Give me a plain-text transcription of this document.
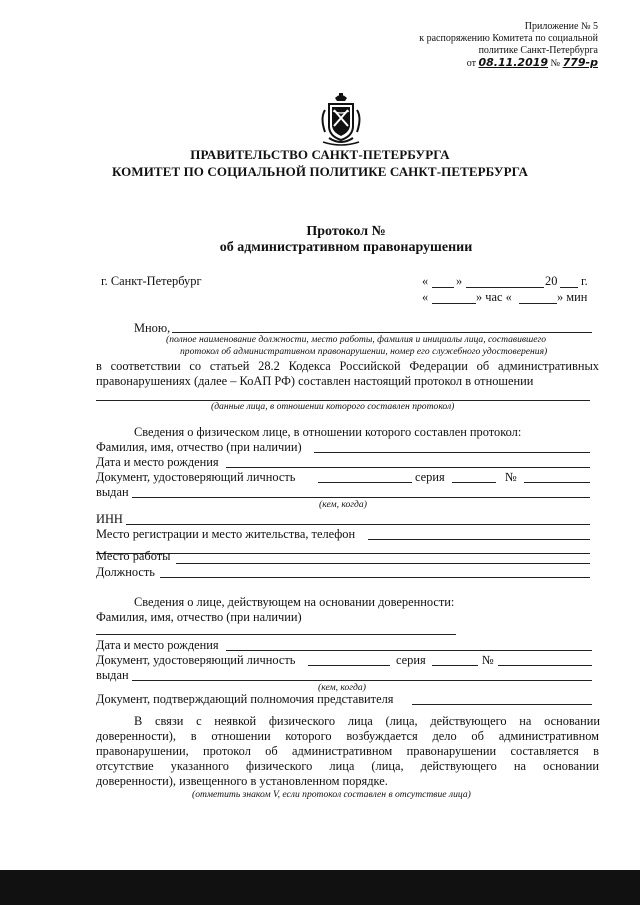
Приложение № 5
к распоряжению Комитета по социальной
политике Санкт-Петербурга
от 08.11.2019 № 779-р
ПРАВИТЕЛЬСТВО САНКТ-ПЕТЕРБУРГА
КОМИТЕТ ПО СОЦИАЛЬНОЙ ПОЛИТИКЕ САНКТ-ПЕТЕРБУРГА
Протокол №
об административном правонарушении
г. Санкт-Петербург	« »	20 г.
«	» час «	» мин
Мною,
(полное наименование должности, место работы, фамилия и инициалы лица, составившего
протокол об административном правонарушении, номер его служебного удостоверения)
в соответствии со статьей 28.2 Кодекса Российской Федерации об административных
правонарушениях (далее – КоАП РФ) составлен настоящий протокол в отношении
(данные лица, в отношении которого составлен протокол)
Сведения о физическом лице, в отношении которого составлен протокол:
Фамилия, имя, отчество (при наличии)
Дата и место рождения
Документ, удостоверяющий личность	серия	№
выдан
(кем, когда)
ИНН
Место регистрации и место жительства, телефон
Место работы
Должность
Сведения о лице, действующем на основании доверенности:
Фамилия, имя, отчество (при наличии)
Дата и место рождения
Документ, удостоверяющий личность	серия	№
выдан
(кем, когда)
Документ, подтверждающий полномочия представителя
В связи с неявкой физического лица (лица, действующего на основании
доверенности), в отношении которого возбуждается дело об административном
правонарушении, протокол об административном правонарушении составляется в
отсутствие указанного физического лица (лица, действующего на основании
доверенности), извещенного в установленном порядке.
(отметить знаком V, если протокол составлен в отсутствие лица)
